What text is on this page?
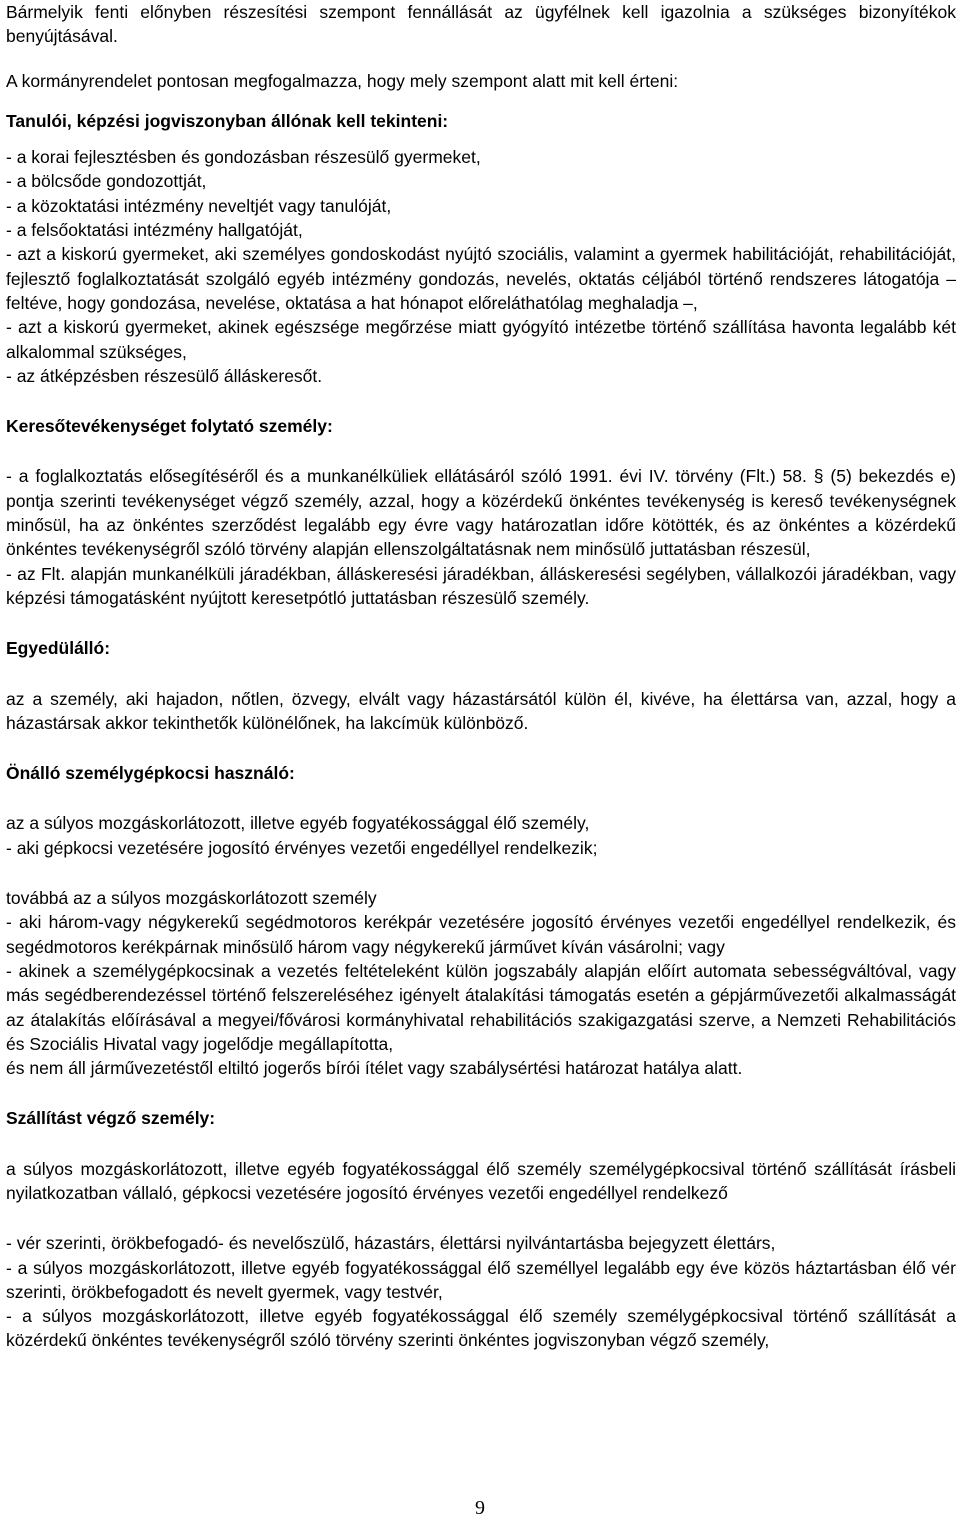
Bármelyik fenti előnyben részesítési szempont fennállását az ügyfélnek kell igazolnia a szükséges bizonyítékok benyújtásával.

A kormányrendelet pontosan megfogalmazza, hogy mely szempont alatt mit kell érteni:

Tanulói, képzési jogviszonyban állónak kell tekinteni:

- a korai fejlesztésben és gondozásban részesülő gyermeket,

- a bölcsőde gondozottját,

- a közoktatási intézmény neveltjét vagy tanulóját,

- a felsőoktatási intézmény hallgatóját,

- azt a kiskorú gyermeket, aki személyes gondoskodást nyújtó szociális, valamint a gyermek habilitációját, rehabilitációját, fejlesztő foglalkoztatását szolgáló egyéb intézmény gondozás, nevelés, oktatás céljából történő rendszeres látogatója – feltéve, hogy gondozása, nevelése, oktatása a hat hónapot előreláthatólag meghaladja –,

- azt a kiskorú gyermeket, akinek egészsége megőrzése miatt gyógyító intézetbe történő szállítása havonta legalább két alkalommal szükséges,

- az átképzésben részesülő álláskeresőt.

Keresőtevékenységet folytató személy:

- a foglalkoztatás elősegítéséről és a munkanélküliek ellátásáról szóló 1991. évi IV. törvény (Flt.) 58. § (5) bekezdés e) pontja szerinti tevékenységet végző személy, azzal, hogy a közérdekű önkéntes tevékenység is kereső tevékenységnek minősül, ha az önkéntes szerződést legalább egy évre vagy határozatlan időre kötötték, és az önkéntes a közérdekű önkéntes tevékenységről szóló törvény alapján ellenszolgáltatásnak nem minősülő juttatásban részesül,

- az Flt. alapján munkanélküli járadékban, álláskeresési járadékban, álláskeresési segélyben, vállalkozói járadékban, vagy képzési támogatásként nyújtott keresetpótló juttatásban részesülő személy.

Egyedülálló:

az a személy, aki hajadon, nőtlen, özvegy, elvált vagy házastársától külön él, kivéve, ha élettársa van, azzal, hogy a házastársak akkor tekinthetők különélőnek, ha lakcímük különböző.

Önálló személygépkocsi használó:

az a súlyos mozgáskorlátozott, illetve egyéb fogyatékossággal élő személy,

- aki gépkocsi vezetésére jogosító érvényes vezetői engedéllyel rendelkezik;

továbbá az a súlyos mozgáskorlátozott személy

- aki három-vagy négykerekű segédmotoros kerékpár vezetésére jogosító érvényes vezetői engedéllyel rendelkezik, és segédmotoros kerékpárnak minősülő három vagy négykerekű járművet kíván vásárolni; vagy

- akinek a személygépkocsinak a vezetés feltételeként külön jogszabály alapján előírt automata sebességváltóval, vagy más segédberendezéssel történő felszereléséhez igényelt átalakítási támogatás esetén a gépjárművezetői alkalmasságát az átalakítás előírásával a megyei/fővárosi kormányhivatal rehabilitációs szakigazgatási szerve, a Nemzeti Rehabilitációs és Szociális Hivatal vagy jogelődje megállapította,

és nem áll járművezetéstől eltiltó jogerős bírói ítélet vagy szabálysértési határozat hatálya alatt.

Szállítást végző személy:

a súlyos mozgáskorlátozott, illetve egyéb fogyatékossággal élő személy személygépkocsival történő szállítását írásbeli nyilatkozatban vállaló, gépkocsi vezetésére jogosító érvényes vezetői engedéllyel rendelkező

- vér szerinti, örökbefogadó- és nevelőszülő, házastárs, élettársi nyilvántartásba bejegyzett élettárs,

- a súlyos mozgáskorlátozott, illetve egyéb fogyatékossággal élő személlyel legalább egy éve közös háztartásban élő vér szerinti, örökbefogadott és nevelt gyermek, vagy testvér,

- a súlyos mozgáskorlátozott, illetve egyéb fogyatékossággal élő személy személygépkocsival történő szállítását a közérdekű önkéntes tevékenységről szóló törvény szerinti önkéntes jogviszonyban végző személy,

9
